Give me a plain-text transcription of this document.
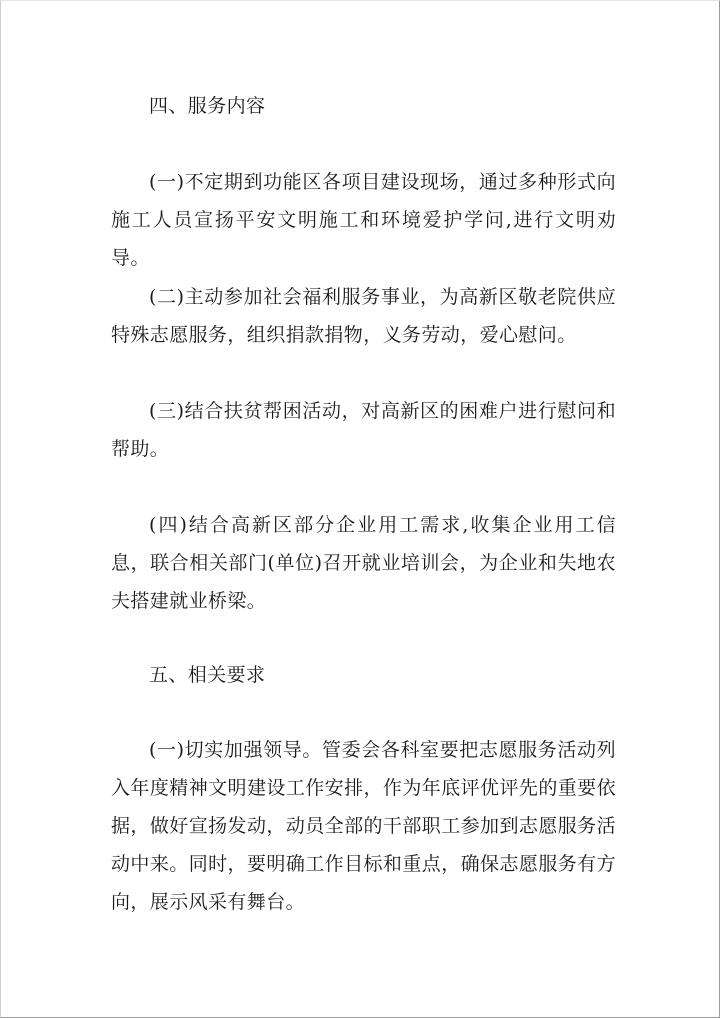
四、服务内容

(一)不定期到功能区各项目建设现场，通过多种形式向施工人员宣扬平安文明施工和环境爱护学问,进行文明劝导。

(二)主动参加社会福利服务事业，为高新区敬老院供应特殊志愿服务，组织捐款捐物，义务劳动，爱心慰问。

(三)结合扶贫帮困活动，对高新区的困难户进行慰问和帮助。

(四)结合高新区部分企业用工需求,收集企业用工信息，联合相关部门(单位)召开就业培训会，为企业和失地农夫搭建就业桥梁。

五、相关要求

(一)切实加强领导。管委会各科室要把志愿服务活动列入年度精神文明建设工作安排，作为年底评优评先的重要依据，做好宣扬发动，动员全部的干部职工参加到志愿服务活动中来。同时，要明确工作目标和重点，确保志愿服务有方向，展示风采有舞台。
